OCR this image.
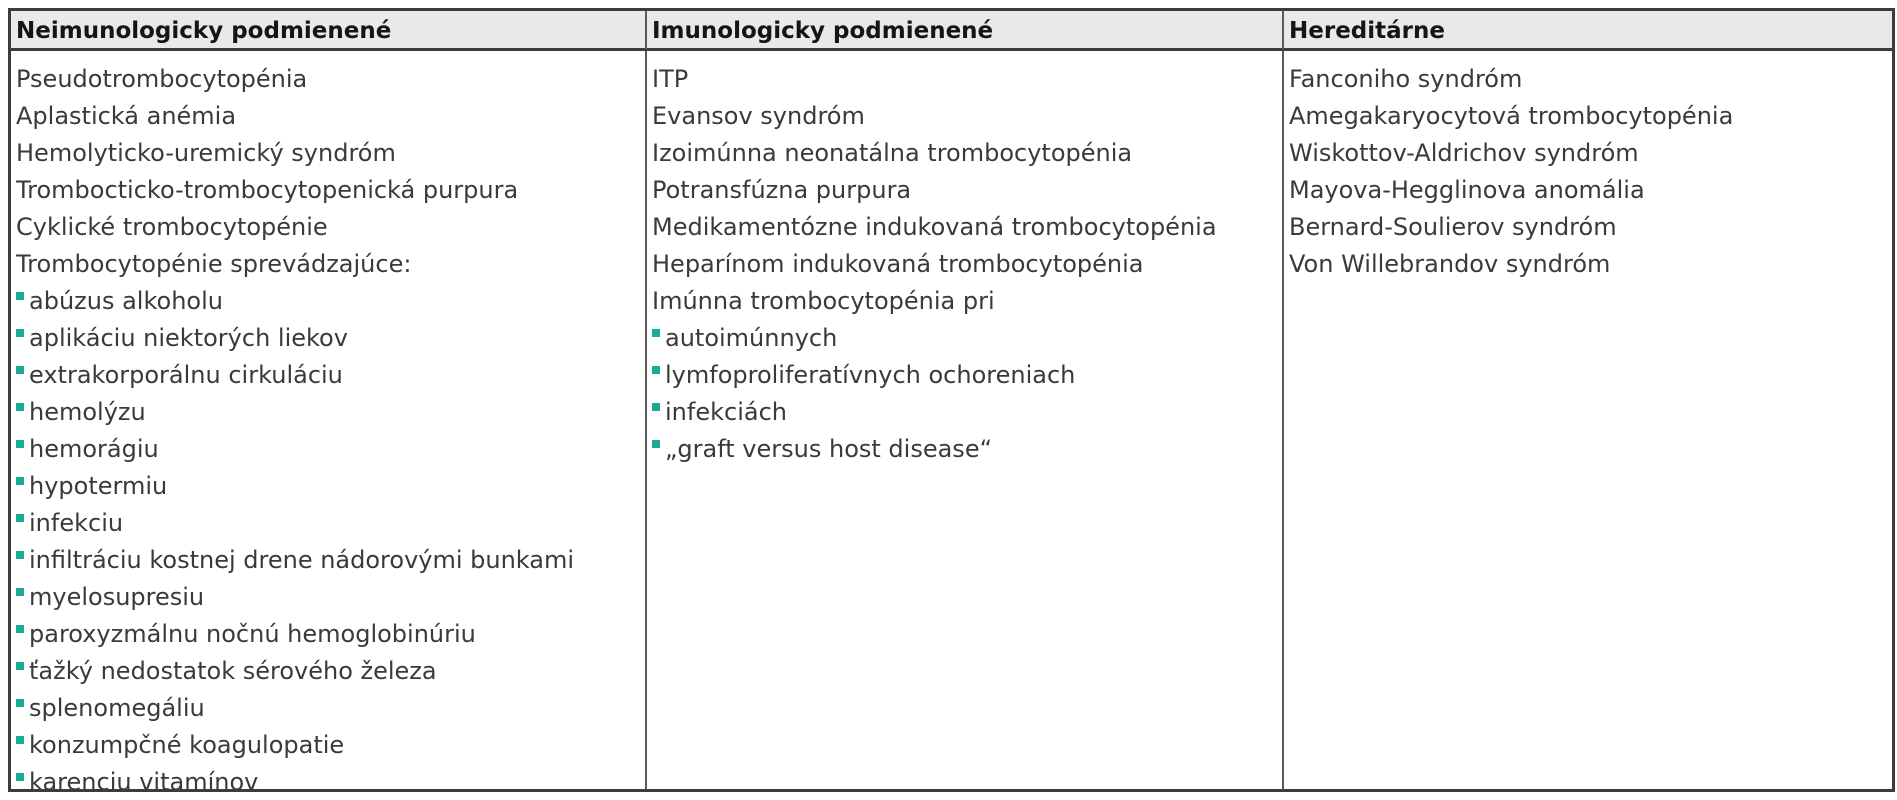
Neimunologicky podmienené	Imunologicky podmienené	Hereditárne
Pseudotrombocytopénia
Aplastická anémia
Hemolyticko-uremický syndróm
Trombocticko-trombocytopenická purpura
Cyklické trombocytopénie
Trombocytopénie sprevádzajúce:
abúzus alkoholu
aplikáciu niektorých liekov
extrakorporálnu cirkuláciu
hemolýzu
hemorágiu
hypotermiu
infekciu
infiltráciu kostnej drene nádorovými bunkami
myelosupresiu
paroxyzmálnu nočnú hemoglobinúriu
ťažký nedostatok sérového železa
splenomegáliu
konzumpčné koagulopatie
karenciu vitamínov
ITP
Evansov syndróm
Izoimúnna neonatálna trombocytopénia
Potransfúzna purpura
Medikamentózne indukovaná trombocytopénia
Heparínom indukovaná trombocytopénia
Imúnna trombocytopénia pri
autoimúnnych
lymfoproliferatívnych ochoreniach
infekciách
„graft versus host disease“
Fanconiho syndróm
Amegakaryocytová trombocytopénia
Wiskottov-Aldrichov syndróm
Mayova-Hegglinova anomália
Bernard-Soulierov syndróm
Von Willebrandov syndróm
